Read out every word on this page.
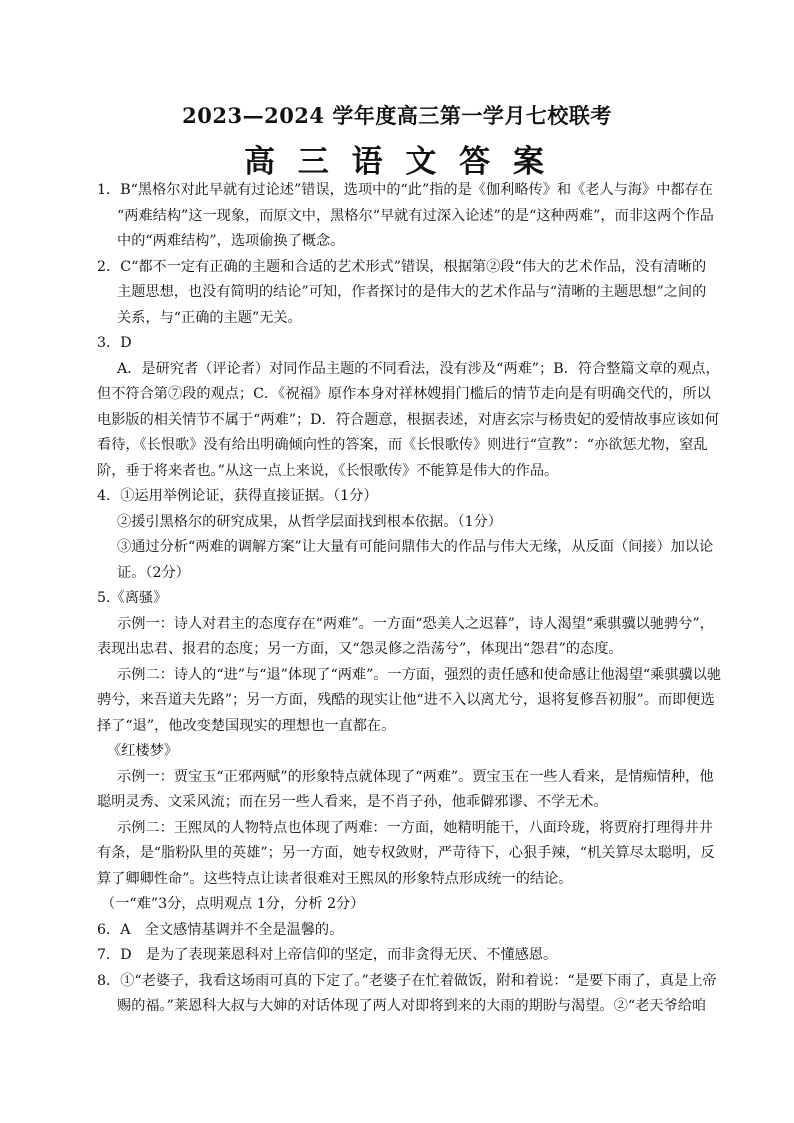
2023—2024 学年度高三第一学月七校联考
高 三 语 文 答 案
1．B“黑格尔对此早就有过论述”错误，选项中的“此”指的是《伽利略传》和《老人与海》中都存在
“两难结构”这一现象，而原文中，黑格尔“早就有过深入论述”的是“这种两难”，而非这两个作品
中的“两难结构”，选项偷换了概念。
2．C“都不一定有正确的主题和合适的艺术形式”错误，根据第②段“伟大的艺术作品，没有清晰的
主题思想，也没有简明的结论”可知，作者探讨的是伟大的艺术作品与“清晰的主题思想”之间的
关系，与“正确的主题”无关。
3．D
A．是研究者（评论者）对同作品主题的不同看法，没有涉及“两难”；B．符合整篇文章的观点，
但不符合第⑦段的观点；C．《祝福》原作本身对祥林嫂捐门槛后的情节走向是有明确交代的，所以
电影版的相关情节不属于“两难”；D．符合题意，根据表述，对唐玄宗与杨贵妃的爱情故事应该如何
看待，《长恨歌》没有给出明确倾向性的答案，而《长恨歌传》则进行“宣教”：“亦欲惩尤物，窒乱
阶，垂于将来者也。”从这一点上来说，《长恨歌传》不能算是伟大的作品。
4．①运用举例论证，获得直接证据。（1分）
②援引黑格尔的研究成果，从哲学层面找到根本依据。（1分）
③通过分析“两难的调解方案”让大量有可能问鼎伟大的作品与伟大无缘，从反面（间接）加以论
证。（2分）
5.《离骚》
示例一：诗人对君主的态度存在“两难”。一方面“恐美人之迟暮”，诗人渴望“乘骐骥以驰骋兮”，
表现出忠君、报君的态度；另一方面，又“怨灵修之浩荡兮”，体现出“怨君”的态度。
示例二：诗人的“进”与“退”体现了“两难”。一方面，强烈的责任感和使命感让他渴望“乘骐骥以驰
骋兮，来吾道夫先路”；另一方面，残酷的现实让他“进不入以离尤兮，退将复修吾初服”。而即便选
择了“退”，他改变楚国现实的理想也一直都在。
《红楼梦》
示例一：贾宝玉“正邪两赋”的形象特点就体现了“两难”。贾宝玉在一些人看来，是情痴情种，他
聪明灵秀、文采风流；而在另一些人看来，是不肖子孙，他乖僻邪谬、不学无术。
示例二：王熙凤的人物特点也体现了两难：一方面，她精明能干，八面玲珑，将贾府打理得井井
有条，是“脂粉队里的英雄”；另一方面，她专权敛财，严苛待下，心狠手辣，“机关算尽太聪明，反
算了卿卿性命”。这些特点让读者很难对王熙凤的形象特点形成统一的结论。
（一“难”3分，点明观点 1分，分析 2分）
6．A　全文感情基调并不全是温馨的。
7．D　是为了表现莱恩科对上帝信仰的坚定，而非贪得无厌、不懂感恩。
8．①“老婆子，我看这场雨可真的下定了。”老婆子在忙着做饭，附和着说：“是要下雨了，真是上帝
赐的福。”莱恩科大叔与大婶的对话体现了两人对即将到来的大雨的期盼与渴望。②“老天爷给咱
